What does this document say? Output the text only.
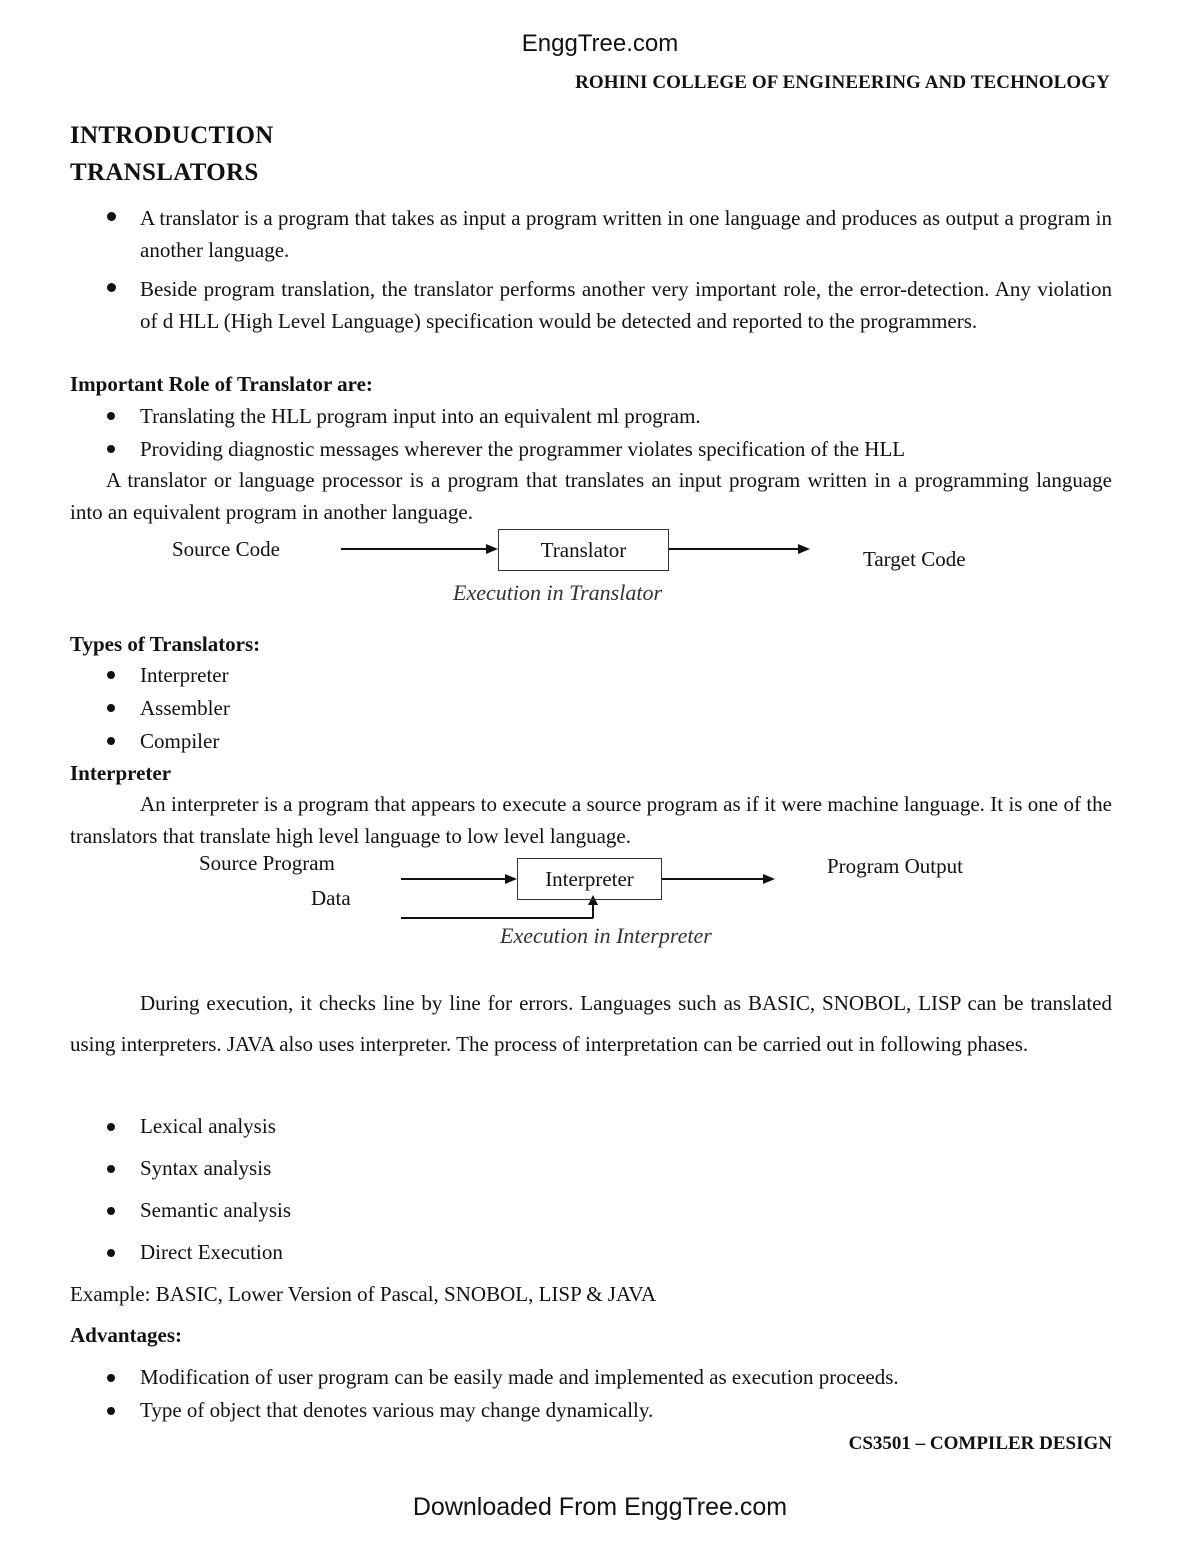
EnggTree.com
ROHINI COLLEGE OF ENGINEERING AND TECHNOLOGY
INTRODUCTION
TRANSLATORS
A translator is a program that takes as input a program written in one language and produces as output a program in another language.
Beside program translation, the translator performs another very important role, the error-detection. Any violation of d HLL (High Level Language) specification would be detected and reported to the programmers.
Important Role of Translator are:
Translating the HLL program input into an equivalent ml program.
Providing diagnostic messages wherever the programmer violates specification of the HLL
A translator or language processor is a program that translates an input program written in a programming language into an equivalent program in another language.
Source Code	Translator	Target Code
Execution in Translator
Types of Translators:
Interpreter
Assembler
Compiler
Interpreter
An interpreter is a program that appears to execute a source program as if it were machine language. It is one of the translators that translate high level language to low level language.
Source Program
Data
Interpreter
Program Output
Execution in Interpreter
During execution, it checks line by line for errors. Languages such as BASIC, SNOBOL, LISP can be translated using interpreters. JAVA also uses interpreter. The process of interpretation can be carried out in following phases.
Lexical analysis
Syntax analysis
Semantic analysis
Direct Execution
Example: BASIC, Lower Version of Pascal, SNOBOL, LISP & JAVA
Advantages:
Modification of user program can be easily made and implemented as execution proceeds.
Type of object that denotes various may change dynamically.
CS3501 – COMPILER DESIGN
Downloaded From EnggTree.com
